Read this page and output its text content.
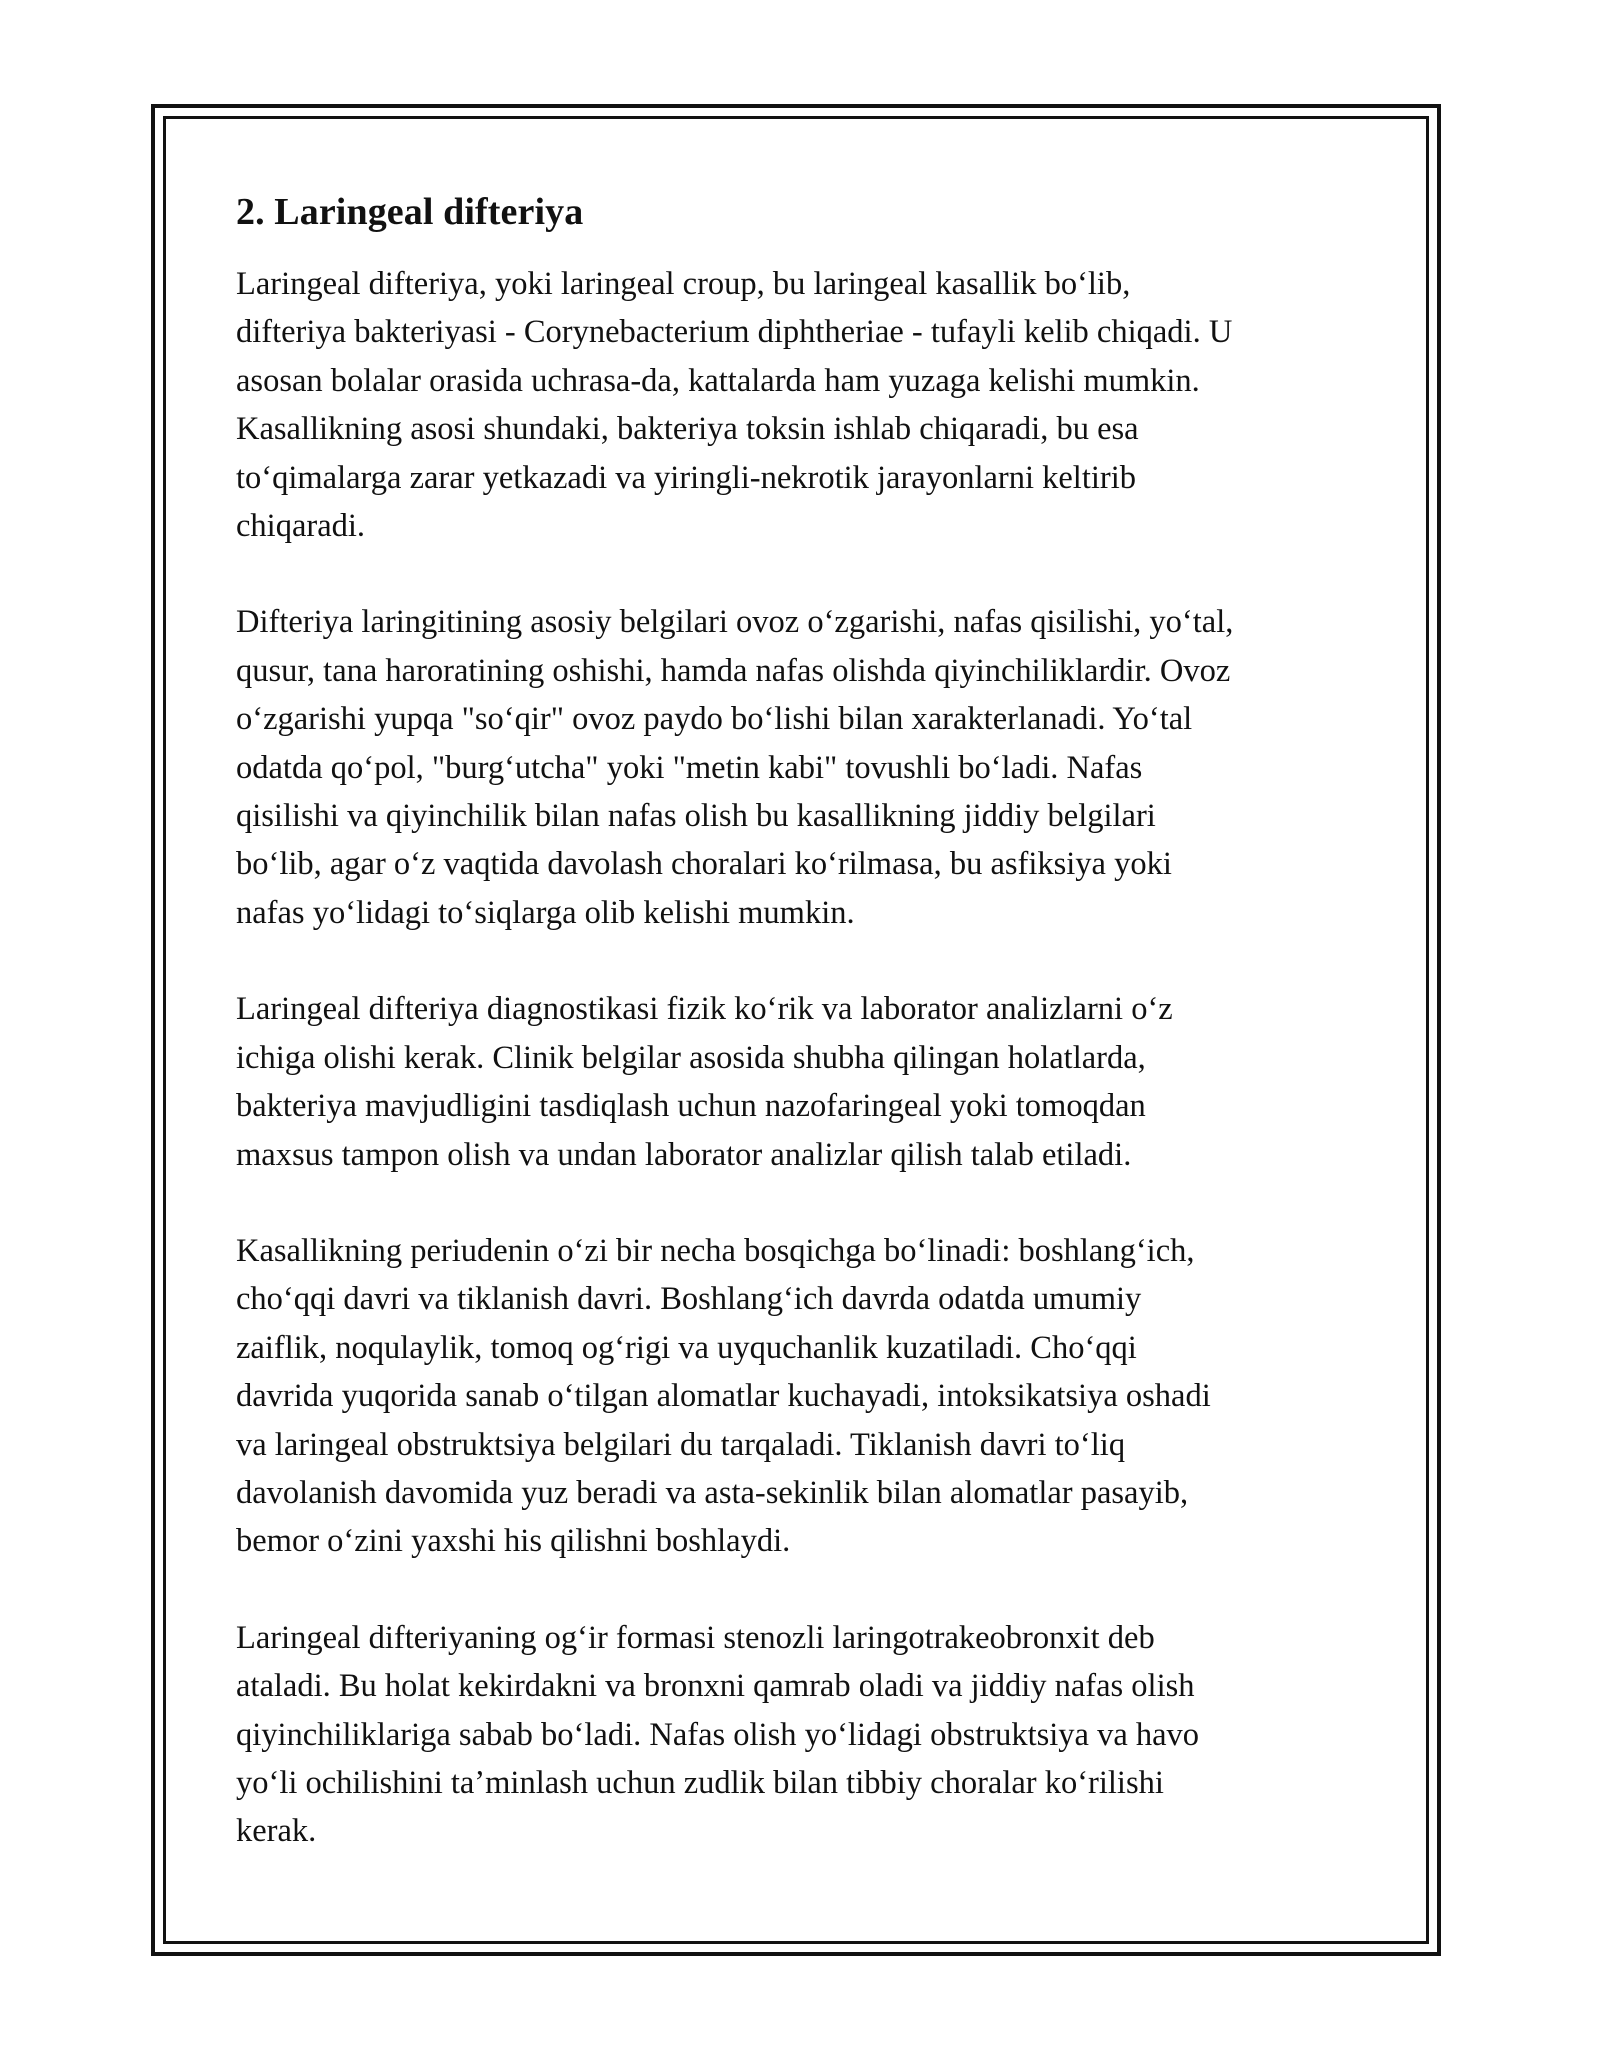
2. Laringeal difteriya

Laringeal difteriya, yoki laringeal croup, bu laringeal kasallik boʻlib,
difteriya bakteriyasi - Corynebacterium diphtheriae - tufayli kelib chiqadi. U
asosan bolalar orasida uchrasa-da, kattalarda ham yuzaga kelishi mumkin.
Kasallikning asosi shundaki, bakteriya toksin ishlab chiqaradi, bu esa
toʻqimalarga zarar yetkazadi va yiringli-nekrotik jarayonlarni keltirib
chiqaradi.

Difteriya laringitining asosiy belgilari ovoz oʻzgarishi, nafas qisilishi, yoʻtal,
qusur, tana haroratining oshishi, hamda nafas olishda qiyinchiliklardir. Ovoz
oʻzgarishi yupqa "soʻqir" ovoz paydo boʻlishi bilan xarakterlanadi. Yoʻtal
odatda qoʻpol, "burgʻutcha" yoki "metin kabi" tovushli boʻladi. Nafas
qisilishi va qiyinchilik bilan nafas olish bu kasallikning jiddiy belgilari
boʻlib, agar oʻz vaqtida davolash choralari koʻrilmasa, bu asfiksiya yoki
nafas yoʻlidagi toʻsiqlarga olib kelishi mumkin.

Laringeal difteriya diagnostikasi fizik koʻrik va laborator analizlarni oʻz
ichiga olishi kerak. Clinik belgilar asosida shubha qilingan holatlarda,
bakteriya mavjudligini tasdiqlash uchun nazofaringeal yoki tomoqdan
maxsus tampon olish va undan laborator analizlar qilish talab etiladi.

Kasallikning periudenin oʻzi bir necha bosqichga boʻlinadi: boshlangʻich,
choʻqqi davri va tiklanish davri. Boshlangʻich davrda odatda umumiy
zaiflik, noqulaylik, tomoq ogʻrigi va uyquchanlik kuzatiladi. Choʻqqi
davrida yuqorida sanab oʻtilgan alomatlar kuchayadi, intoksikatsiya oshadi
va laringeal obstruktsiya belgilari du tarqaladi. Tiklanish davri toʻliq
davolanish davomida yuz beradi va asta-sekinlik bilan alomatlar pasayib,
bemor oʻzini yaxshi his qilishni boshlaydi.

Laringeal difteriyaning ogʻir formasi stenozli laringotrakeobronxit deb
ataladi. Bu holat kekirdakni va bronxni qamrab oladi va jiddiy nafas olish
qiyinchiliklariga sabab boʻladi. Nafas olish yoʻlidagi obstruktsiya va havo
yoʻli ochilishini taʼminlash uchun zudlik bilan tibbiy choralar koʻrilishi
kerak.
